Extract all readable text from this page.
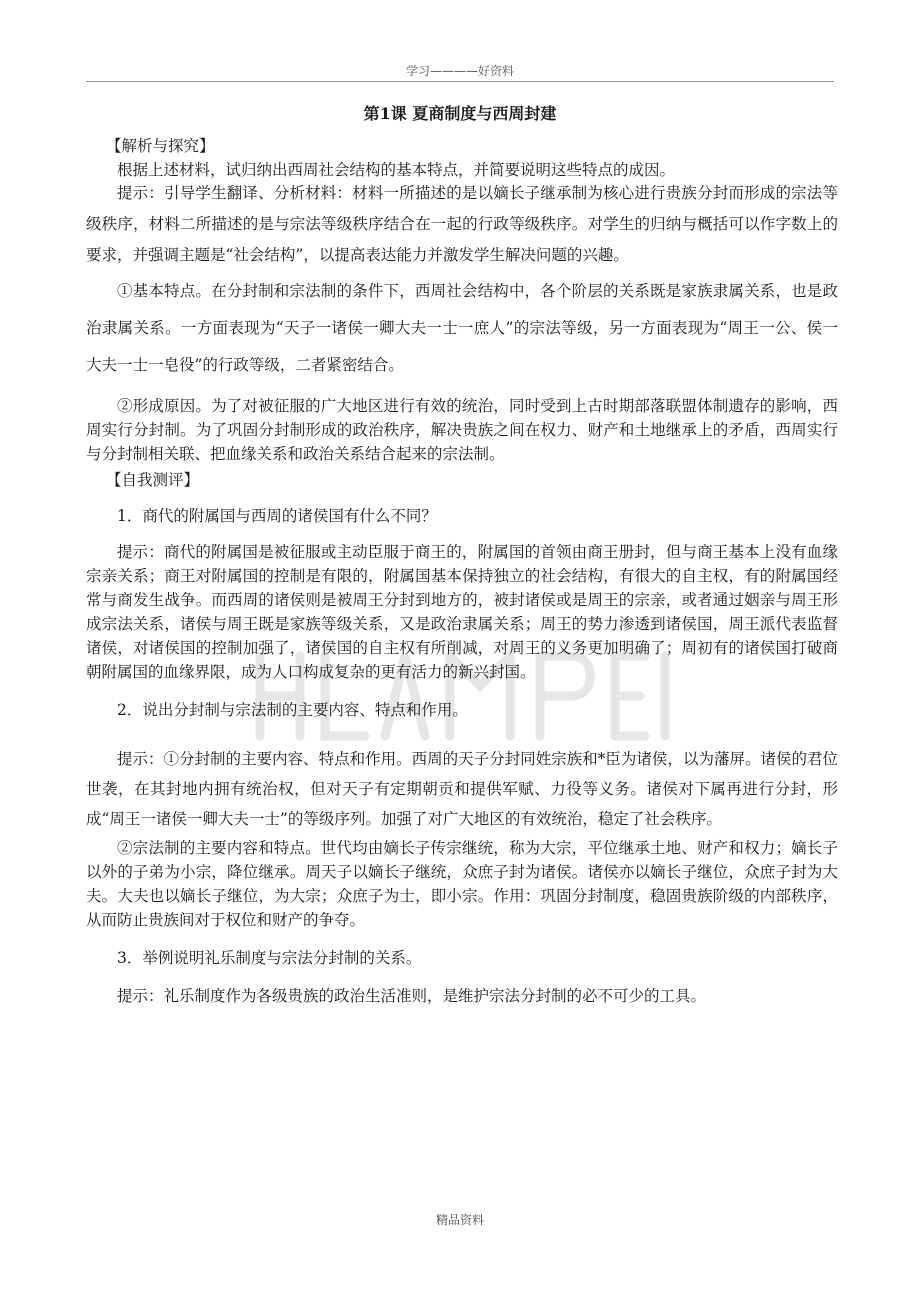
学习————好资料
第1课 夏商制度与西周封建

【解析与探究】

根据上述材料，试归纳出西周社会结构的基本特点，并简要说明这些特点的成因。

提示：引导学生翻译、分析材料：材料一所描述的是以嫡长子继承制为核心进行贵族分封而形成的宗法等级秩序，材料二所描述的是与宗法等级秩序结合在一起的行政等级秩序。对学生的归纳与概括可以作字数上的要求，并强调主题是“社会结构”，以提高表达能力并激发学生解决问题的兴趣。

①基本特点。在分封制和宗法制的条件下，西周社会结构中，各个阶层的关系既是家族隶属关系，也是政治隶属关系。一方面表现为“天子一诸侯一卿大夫一士一庶人”的宗法等级，另一方面表现为“周王一公、侯一大夫一士一皂役”的行政等级，二者紧密结合。

②形成原因。为了对被征服的广大地区进行有效的统治，同时受到上古时期部落联盟体制遗存的影响，西周实行分封制。为了巩固分封制形成的政治秩序，解决贵族之间在权力、财产和土地继承上的矛盾，西周实行与分封制相关联、把血缘关系和政治关系结合起来的宗法制。

【自我测评】

1．商代的附属国与西周的诸侯国有什么不同？

提示：商代的附属国是被征服或主动臣服于商王的，附属国的首领由商王册封，但与商王基本上没有血缘宗亲关系；商王对附属国的控制是有限的，附属国基本保持独立的社会结构，有很大的自主权，有的附属国经常与商发生战争。而西周的诸侯则是被周王分封到地方的，被封诸侯或是周王的宗亲，或者通过姻亲与周王形成宗法关系，诸侯与周王既是家族等级关系，又是政治隶属关系；周王的势力渗透到诸侯国，周王派代表监督诸侯，对诸侯国的控制加强了，诸侯国的自主权有所削减，对周王的义务更加明确了；周初有的诸侯国打破商朝附属国的血缘界限，成为人口构成复杂的更有活力的新兴封国。

2．说出分封制与宗法制的主要内容、特点和作用。

提示：①分封制的主要内容、特点和作用。西周的天子分封同姓宗族和*臣为诸侯，以为藩屏。诸侯的君位世袭，在其封地内拥有统治权，但对天子有定期朝贡和提供军赋、力役等义务。诸侯对下属再进行分封，形成“周王一诸侯一卿大夫一士”的等级序列。加强了对广大地区的有效统治，稳定了社会秩序。

②宗法制的主要内容和特点。世代均由嫡长子传宗继统，称为大宗，平位继承土地、财产和权力；嫡长子以外的子弟为小宗，降位继承。周天子以嫡长子继统，众庶子封为诸侯。诸侯亦以嫡长子继位，众庶子封为大夫。大夫也以嫡长子继位，为大宗；众庶子为士，即小宗。作用：巩固分封制度，稳固贵族阶级的内部秩序，从而防止贵族间对于权位和财产的争夺。

3．举例说明礼乐制度与宗法分封制的关系。

提示：礼乐制度作为各级贵族的政治生活准则，是维护宗法分封制的必不可少的工具。

精品资料
